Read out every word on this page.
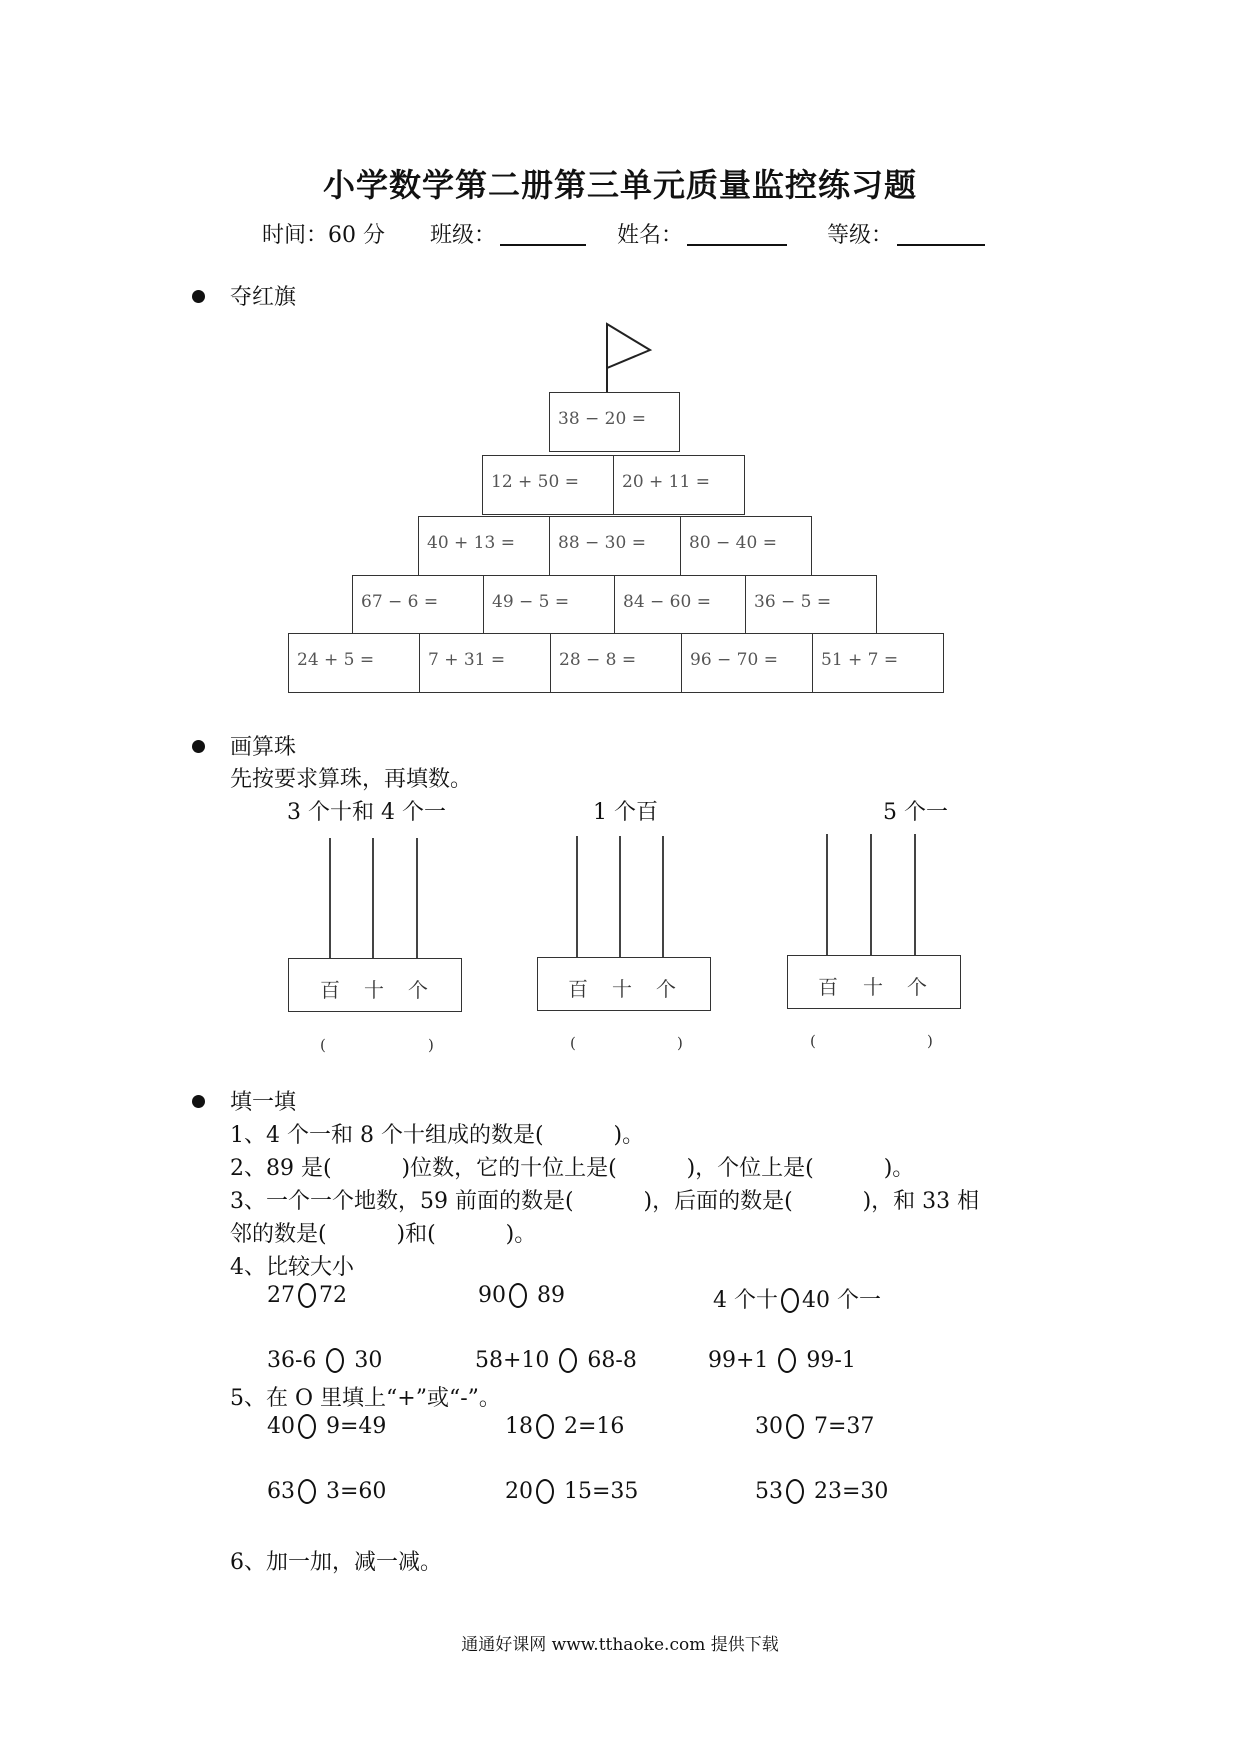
小学数学第二册第三单元质量监控练习题
时间：60 分 班级：	姓名：	等级：
夺红旗
38 − 20 =
12 + 50 =	20 + 11 =
40 + 13 =	88 − 30 =	80 − 40 =
67 − 6 =	49 − 5 =	84 − 60 =	36 − 5 =
24 + 5 =	7 + 31 =	28 − 8 =	96 − 70 =	51 + 7 =
画算珠
先按要求算珠，再填数。
3 个十和 4 个一
百 十 个
(	)
1 个百
百 十 个
(	)
5 个一
百 十 个
(	)
填一填
1、4 个一和 8 个十组成的数是(          )。
2、89 是(          )位数，它的十位上是(          )，个位上是(          )。
3、一个一个地数，59 前面的数是(          )，后面的数是(          )，和 33 相
邻的数是(          )和(          )。
4、比较大小
27 72	90 89	4 个十 40 个一
36-6  30	58+10  68-8	99+1  99-1
5、在 O 里填上“+”或“-”。
40 9=49	18 2=16	30 7=37
63 3=60	20 15=35	53 23=30
6、加一加，减一减。
通通好课网 www.tthaoke.com 提供下载
